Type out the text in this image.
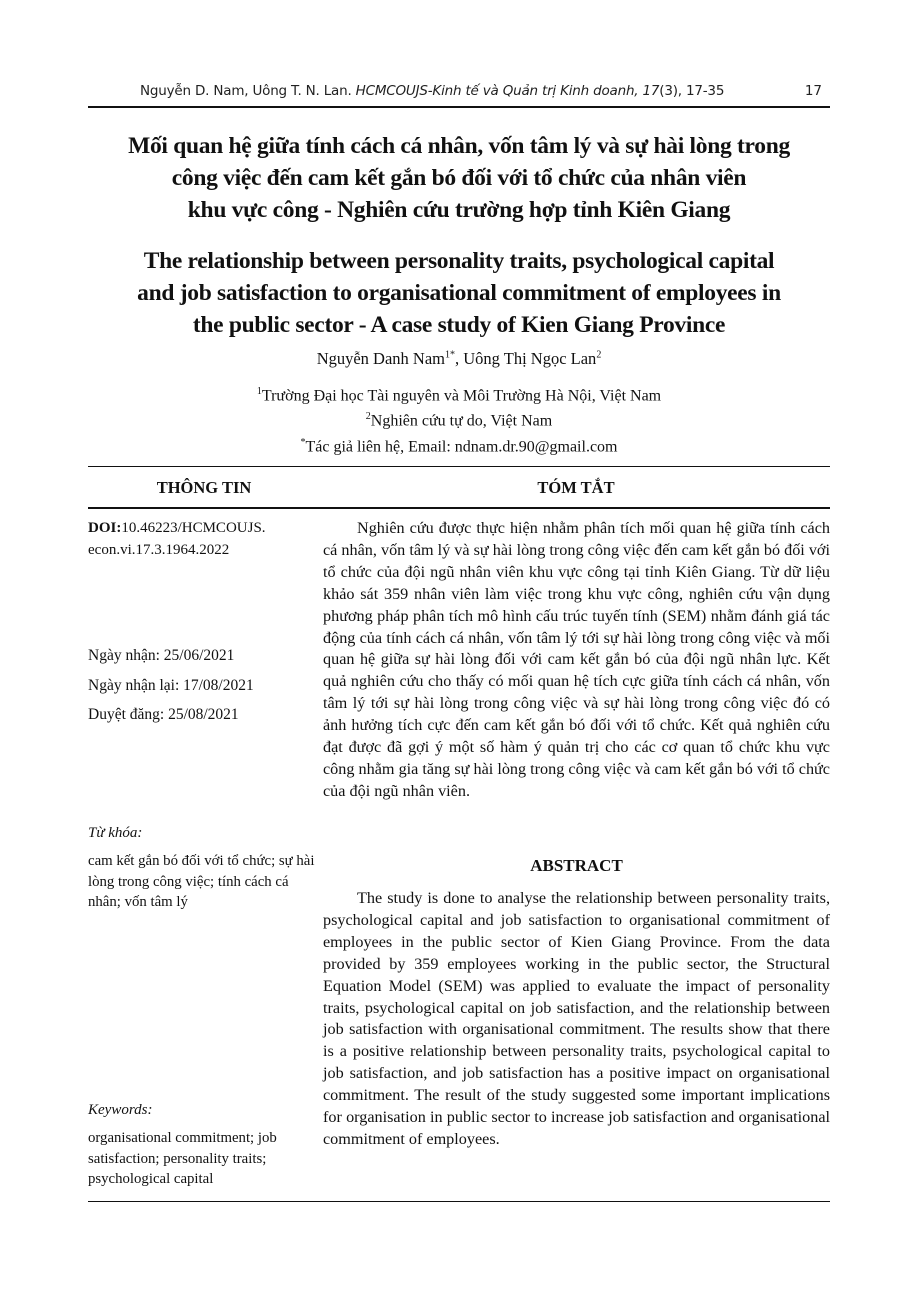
Nguyễn D. Nam, Uông T. N. Lan. HCMCOUJS-Kinh tế và Quản trị Kinh doanh, 17(3), 17-35	17
Mối quan hệ giữa tính cách cá nhân, vốn tâm lý và sự hài lòng trong
công việc đến cam kết gắn bó đối với tổ chức của nhân viên
khu vực công - Nghiên cứu trường hợp tỉnh Kiên Giang
The relationship between personality traits, psychological capital
and job satisfaction to organisational commitment of employees in
the public sector - A case study of Kien Giang Province
Nguyễn Danh Nam$^{1*}$, Uông Thị Ngọc Lan$^2$
$^1$Trường Đại học Tài nguyên và Môi Trường Hà Nội, Việt Nam
$^2$Nghiên cứu tự do, Việt Nam
*Tác giả liên hệ, Email: ndnam.dr.90@gmail.com
THÔNG TIN	TÓM TẮT
DOI:10.46223/HCMCOUJS.
econ.vi.17.3.1964.2022
Ngày nhận: 25/06/2021
Ngày nhận lại: 17/08/2021
Duyệt đăng: 25/08/2021
Từ khóa:
cam kết gắn bó đối với tổ chức; sự hài lòng trong công việc; tính cách cá nhân; vốn tâm lý
Keywords:
organisational commitment; job satisfaction; personality traits; psychological capital

Nghiên cứu được thực hiện nhằm phân tích mối quan hệ giữa tính cách cá nhân, vốn tâm lý và sự hài lòng trong công việc đến cam kết gắn bó đối với tổ chức của đội ngũ nhân viên khu vực công tại tỉnh Kiên Giang. Từ dữ liệu khảo sát 359 nhân viên làm việc trong khu vực công, nghiên cứu vận dụng phương pháp phân tích mô hình cấu trúc tuyến tính (SEM) nhằm đánh giá tác động của tính cách cá nhân, vốn tâm lý tới sự hài lòng trong công việc và mối quan hệ giữa sự hài lòng đối với cam kết gắn bó của đội ngũ nhân lực. Kết quả nghiên cứu cho thấy có mối quan hệ tích cực giữa tính cách cá nhân, vốn tâm lý tới sự hài lòng trong công việc và sự hài lòng trong công việc đó có ảnh hưởng tích cực đến cam kết gắn bó đối với tổ chức. Kết quả nghiên cứu đạt được đã gợi ý một số hàm ý quản trị cho các cơ quan tổ chức khu vực công nhằm gia tăng sự hài lòng trong công việc và cam kết gắn bó với tổ chức của đội ngũ nhân viên.

ABSTRACT

The study is done to analyse the relationship between personality traits, psychological capital and job satisfaction to organisational commitment of employees in the public sector of Kien Giang Province. From the data provided by 359 employees working in the public sector, the Structural Equation Model (SEM) was applied to evaluate the impact of personality traits, psychological capital on job satisfaction, and the relationship between job satisfaction with organisational commitment. The results show that there is a positive relationship between personality traits, psychological capital to job satisfaction, and job satisfaction has a positive impact on organisational commitment. The result of the study suggested some important implications for organisation in public sector to increase job satisfaction and organisational commitment of employees.
